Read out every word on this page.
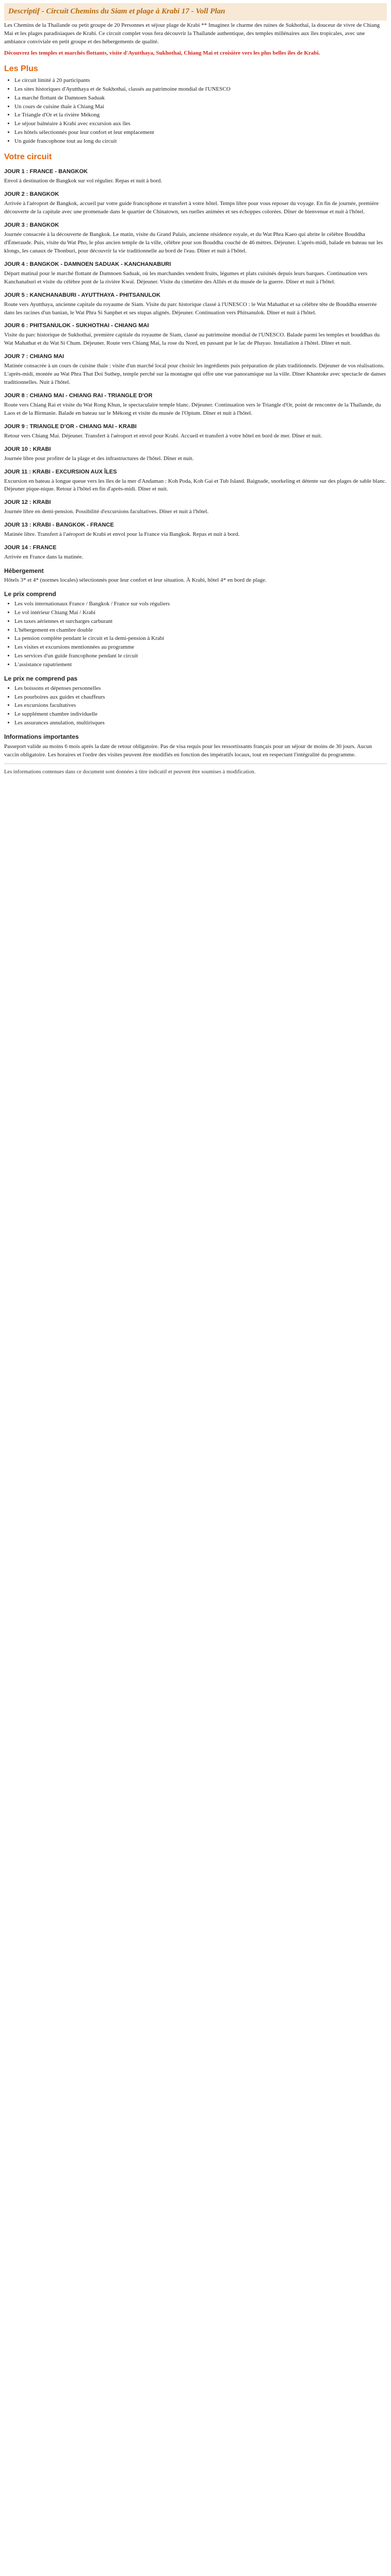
Descriptif - Circuit Chemins du Siam et plage à Krabi 17 - Voll Plan

Les Chemins de la Thaïlande ou petit groupe de 20 Personnes et séjour plage de Krabi ** Imaginez le charme des ruines de Sukhothaï, la douceur de vivre de Chiang Mai et les plages paradisiaques de Krabi. Ce circuit complet vous fera découvrir la Thaïlande authentique, des temples millénaires aux îles tropicales, avec une ambiance conviviale en petit groupe et des hébergements de qualité.

Découvrez les temples et marchés flottants, visite d'Ayutthaya, Sukhothaï, Chiang Mai et croisière vers les plus belles îles de Krabi.

Les Plus
• Le circuit limité à 20 participants
• Les sites historiques d'Ayutthaya et de Sukhothaï, classés au patrimoine mondial de l'UNESCO
• La marché flottant de Damnoen Saduak
• Un cours de cuisine thaïe à Chiang Mai
• Le Triangle d'Or et la rivière Mékong
• Le séjour balnéaire à Krabi avec excursion aux îles
• Les hôtels sélectionnés pour leur confort et leur emplacement
• Un guide francophone tout au long du circuit
Votre circuit
JOUR 1 : FRANCE - BANGKOK

Envol à destination de Bangkok sur vol régulier. Repas et nuit à bord.

JOUR 2 : BANGKOK

Arrivée à l'aéroport de Bangkok, accueil par votre guide francophone et transfert à votre hôtel. Temps libre pour vous reposer du voyage. En fin de journée, première découverte de la capitale avec une promenade dans le quartier de Chinatown, ses ruelles animées et ses échoppes colorées. Dîner de bienvenue et nuit à l'hôtel.

JOUR 3 : BANGKOK

Journée consacrée à la découverte de Bangkok. Le matin, visite du Grand Palais, ancienne résidence royale, et du Wat Phra Kaeo qui abrite le célèbre Bouddha d'Émeraude. Puis, visite du Wat Pho, le plus ancien temple de la ville, célèbre pour son Bouddha couché de 46 mètres. Déjeuner. L'après-midi, balade en bateau sur les klongs, les canaux de Thonburi, pour découvrir la vie traditionnelle au bord de l'eau. Dîner et nuit à l'hôtel.

JOUR 4 : BANGKOK - DAMNOEN SADUAK - KANCHANABURI

Départ matinal pour le marché flottant de Damnoen Saduak, où les marchandes vendent fruits, légumes et plats cuisinés depuis leurs barques. Continuation vers Kanchanaburi et visite du célèbre pont de la rivière Kwaï. Déjeuner. Visite du cimetière des Alliés et du musée de la guerre. Dîner et nuit à l'hôtel.

JOUR 5 : KANCHANABURI - AYUTTHAYA - PHITSANULOK

Route vers Ayutthaya, ancienne capitale du royaume de Siam. Visite du parc historique classé à l'UNESCO : le Wat Mahathat et sa célèbre tête de Bouddha enserrée dans les racines d'un banian, le Wat Phra Si Sanphet et ses stupas alignés. Déjeuner. Continuation vers Phitsanulok. Dîner et nuit à l'hôtel.

JOUR 6 : PHITSANULOK - SUKHOTHAI - CHIANG MAI

Visite du parc historique de Sukhothaï, première capitale du royaume de Siam, classé au patrimoine mondial de l'UNESCO. Balade parmi les temples et bouddhas du Wat Mahathat et du Wat Si Chum. Déjeuner. Route vers Chiang Mai, la rose du Nord, en passant par le lac de Phayao. Installation à l'hôtel. Dîner et nuit.

JOUR 7 : CHIANG MAI

Matinée consacrée à un cours de cuisine thaïe : visite d'un marché local pour choisir les ingrédients puis préparation de plats traditionnels. Déjeuner de vos réalisations. L'après-midi, montée au Wat Phra That Doi Suthep, temple perché sur la montagne qui offre une vue panoramique sur la ville. Dîner Khantoke avec spectacle de danses traditionnelles. Nuit à l'hôtel.

JOUR 8 : CHIANG MAI - CHIANG RAI - TRIANGLE D'OR

Route vers Chiang Rai et visite du Wat Rong Khun, le spectaculaire temple blanc. Déjeuner. Continuation vers le Triangle d'Or, point de rencontre de la Thaïlande, du Laos et de la Birmanie. Balade en bateau sur le Mékong et visite du musée de l'Opium. Dîner et nuit à l'hôtel.

JOUR 9 : TRIANGLE D'OR - CHIANG MAI - KRABI

Retour vers Chiang Mai. Déjeuner. Transfert à l'aéroport et envol pour Krabi. Accueil et transfert à votre hôtel en bord de mer. Dîner et nuit.

JOUR 10 : KRABI

Journée libre pour profiter de la plage et des infrastructures de l'hôtel. Dîner et nuit.

JOUR 11 : KRABI - EXCURSION AUX ÎLES

Excursion en bateau à longue queue vers les îles de la mer d'Andaman : Koh Poda, Koh Gai et Tub Island. Baignade, snorkeling et détente sur des plages de sable blanc. Déjeuner pique-nique. Retour à l'hôtel en fin d'après-midi. Dîner et nuit.

JOUR 12 : KRABI

Journée libre en demi-pension. Possibilité d'excursions facultatives. Dîner et nuit à l'hôtel.

JOUR 13 : KRABI - BANGKOK - FRANCE

Matinée libre. Transfert à l'aéroport de Krabi et envol pour la France via Bangkok. Repas et nuit à bord.

JOUR 14 : FRANCE

Arrivée en France dans la matinée.

Hébergement

Hôtels 3* et 4* (normes locales) sélectionnés pour leur confort et leur situation. À Krabi, hôtel 4* en bord de plage.

Le prix comprend
• Les vols internationaux France / Bangkok / France sur vols réguliers
• Le vol intérieur Chiang Mai / Krabi
• Les taxes aériennes et surcharges carburant
• L'hébergement en chambre double
• La pension complète pendant le circuit et la demi-pension à Krabi
• Les visites et excursions mentionnées au programme
• Les services d'un guide francophone pendant le circuit
• L'assistance rapatriement
Le prix ne comprend pas
• Les boissons et dépenses personnelles
• Les pourboires aux guides et chauffeurs
• Les excursions facultatives
• Le supplément chambre individuelle
• Les assurances annulation, multirisques
Informations importantes

Passeport valide au moins 6 mois après la date de retour obligatoire. Pas de visa requis pour les ressortissants français pour un séjour de moins de 30 jours. Aucun vaccin obligatoire. Les horaires et l'ordre des visites peuvent être modifiés en fonction des impératifs locaux, tout en respectant l'intégralité du programme.

Les informations contenues dans ce document sont données à titre indicatif et peuvent être soumises à modification.
